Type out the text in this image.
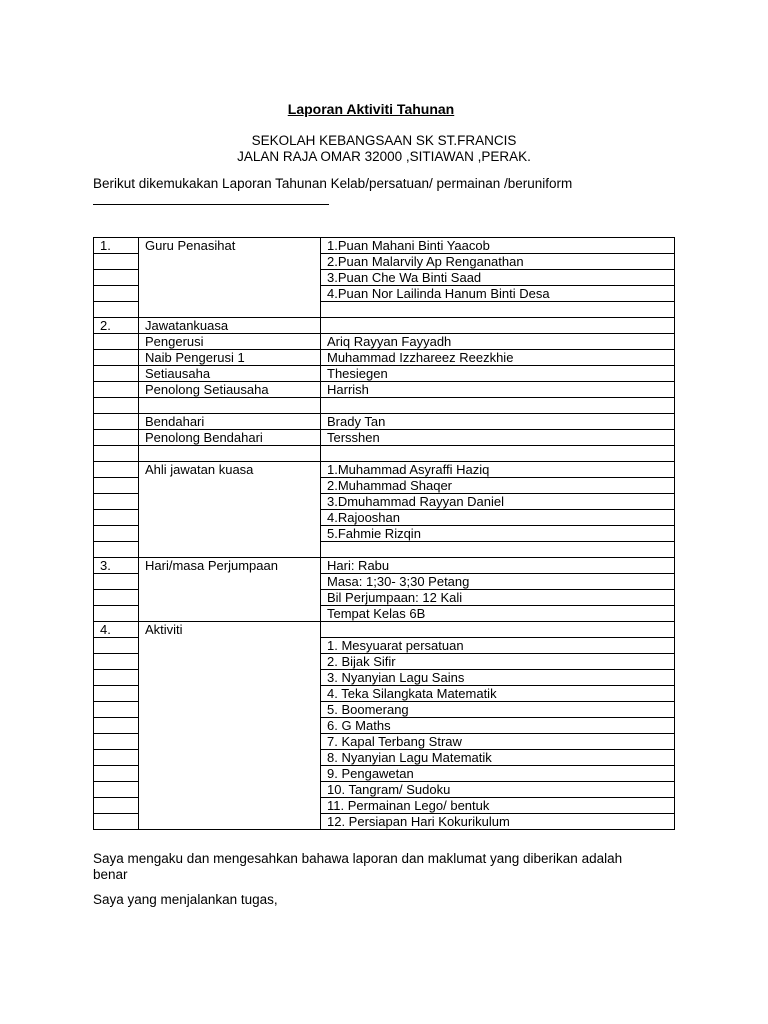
Laporan Aktiviti Tahunan
SEKOLAH KEBANGSAAN SK ST.FRANCIS
JALAN RAJA OMAR 32000 ,SITIAWAN ,PERAK.
Berikut dikemukakan Laporan Tahunan Kelab/persatuan/ permainan /beruniform
1.	Guru Penasihat	1.Puan Mahani Binti Yaacob
		2.Puan Malarvily Ap Renganathan
		3.Puan Che Wa Binti Saad
		4.Puan Nor Lailinda Hanum Binti Desa

2.	Jawatankuasa	
	Pengerusi	Ariq Rayyan Fayyadh
	Naib Pengerusi 1	Muhammad Izzhareez Reezkhie
	Setiausaha	Thesiegen
	Penolong Setiausaha	Harrish

	Bendahari	Brady Tan
	Penolong Bendahari	Tersshen

	Ahli jawatan kuasa	1.Muhammad Asyraffi Haziq
		2.Muhammad Shaqer
		3.Dmuhammad Rayyan Daniel
		4.Rajooshan
		5.Fahmie Rizqin

3.	Hari/masa Perjumpaan	Hari: Rabu
		Masa: 1;30- 3;30 Petang
		Bil Perjumpaan: 12 Kali
		Tempat Kelas 6B
4.	Aktiviti	
		1. Mesyuarat persatuan
		2. Bijak Sifir
		3. Nyanyian Lagu Sains
		4. Teka Silangkata Matematik
		5. Boomerang
		6. G Maths
		7. Kapal Terbang Straw
		8. Nyanyian Lagu Matematik
		9. Pengawetan
		10. Tangram/ Sudoku
		11. Permainan Lego/ bentuk
		12. Persiapan Hari Kokurikulum
Saya mengaku dan mengesahkan bahawa laporan dan maklumat yang diberikan adalah
benar
Saya yang menjalankan tugas,
